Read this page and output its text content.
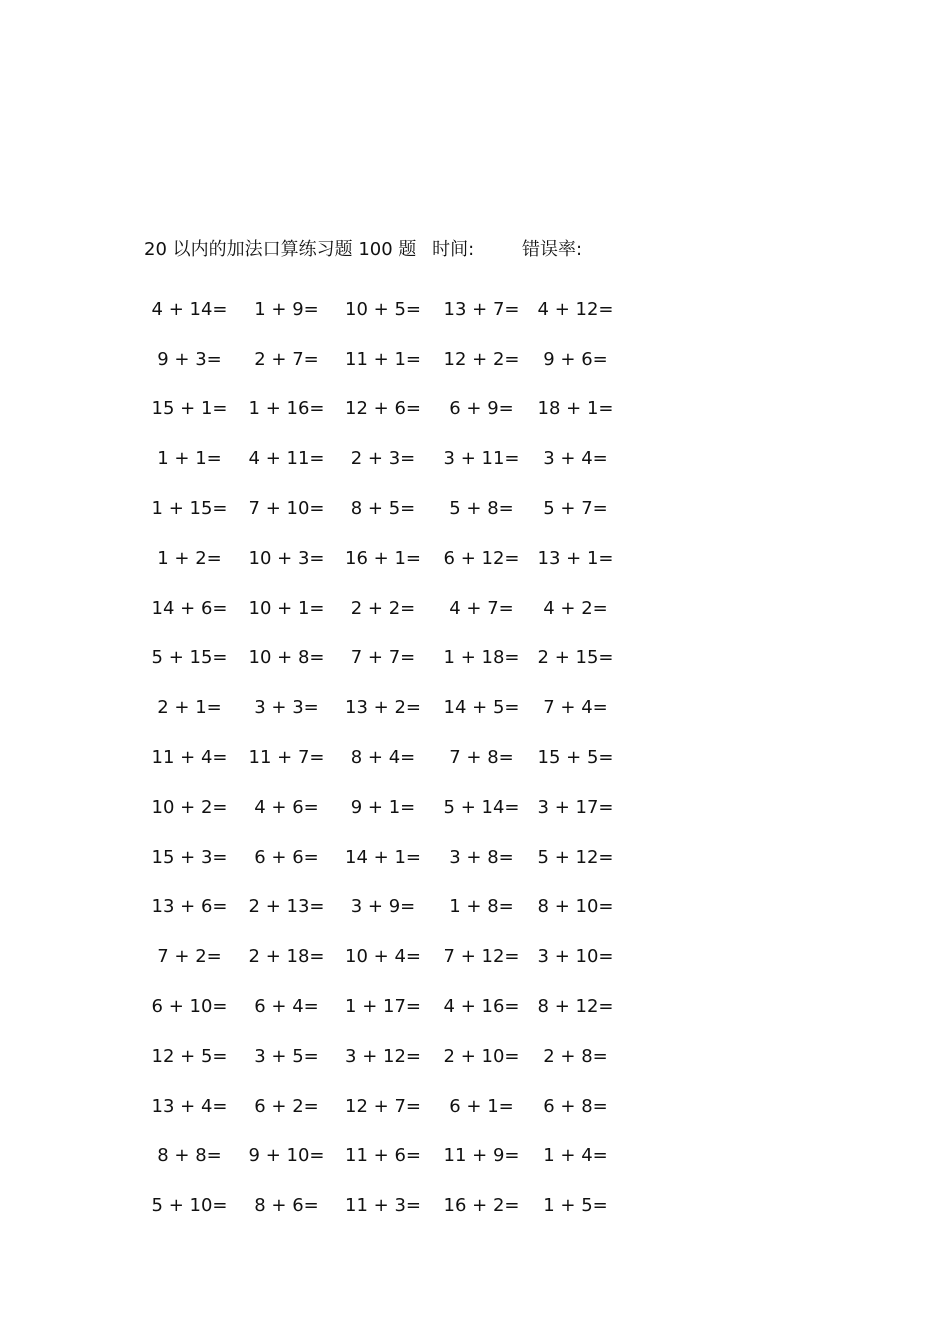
20 以内的加法口算练习题 100 题 时间:	错误率:
4 + 14=	1 + 9=	10 + 5=	13 + 7=	4 + 12=
9 + 3=	2 + 7=	11 + 1=	12 + 2=	9 + 6=
15 + 1=	1 + 16=	12 + 6=	6 + 9=	18 + 1=
1 + 1=	4 + 11=	2 + 3=	3 + 11=	3 + 4=
1 + 15=	7 + 10=	8 + 5=	5 + 8=	5 + 7=
1 + 2=	10 + 3=	16 + 1=	6 + 12=	13 + 1=
14 + 6=	10 + 1=	2 + 2=	4 + 7=	4 + 2=
5 + 15=	10 + 8=	7 + 7=	1 + 18=	2 + 15=
2 + 1=	3 + 3=	13 + 2=	14 + 5=	7 + 4=
11 + 4=	11 + 7=	8 + 4=	7 + 8=	15 + 5=
10 + 2=	4 + 6=	9 + 1=	5 + 14=	3 + 17=
15 + 3=	6 + 6=	14 + 1=	3 + 8=	5 + 12=
13 + 6=	2 + 13=	3 + 9=	1 + 8=	8 + 10=
7 + 2=	2 + 18=	10 + 4=	7 + 12=	3 + 10=
6 + 10=	6 + 4=	1 + 17=	4 + 16=	8 + 12=
12 + 5=	3 + 5=	3 + 12=	2 + 10=	2 + 8=
13 + 4=	6 + 2=	12 + 7=	6 + 1=	6 + 8=
8 + 8=	9 + 10=	11 + 6=	11 + 9=	1 + 4=
5 + 10=	8 + 6=	11 + 3=	16 + 2=	1 + 5=
